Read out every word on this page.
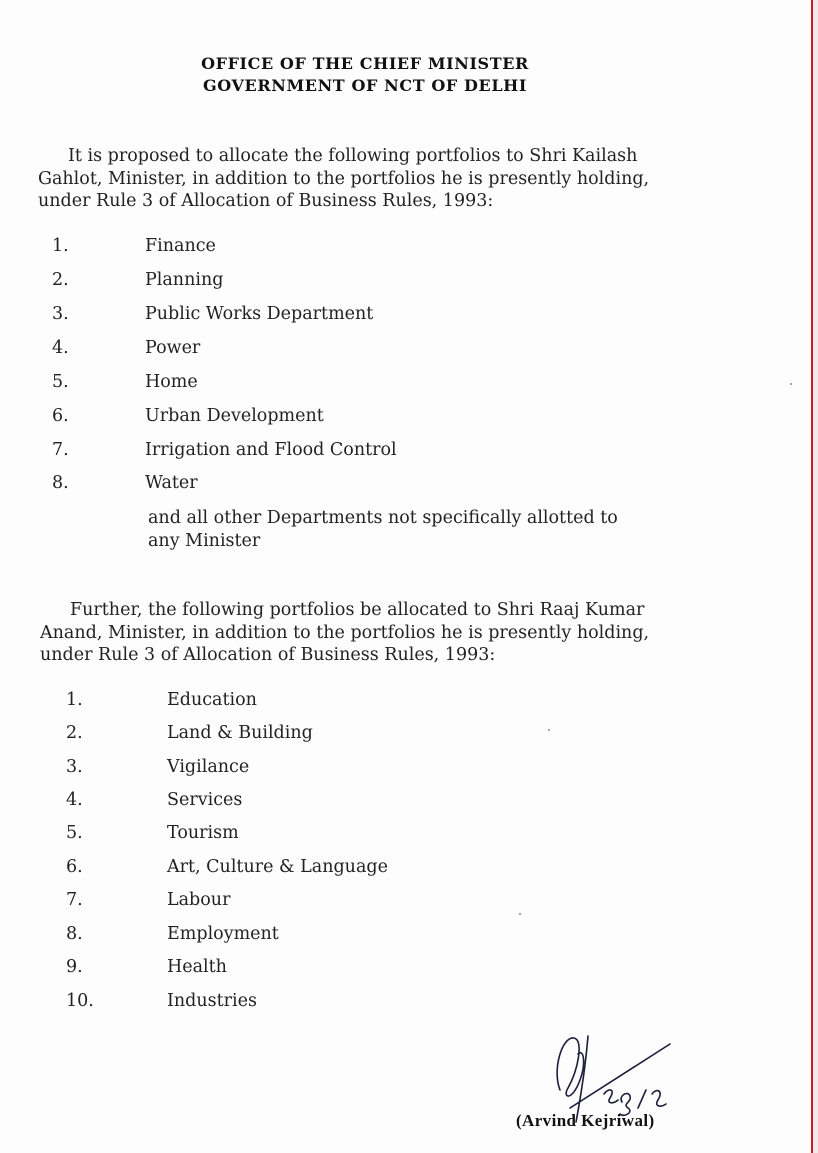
OFFICE OF THE CHIEF MINISTER
GOVERNMENT OF NCT OF DELHI

It is proposed to allocate the following portfolios to Shri Kailash
Gahlot, Minister, in addition to the portfolios he is presently holding,
under Rule 3 of Allocation of Business Rules, 1993:

1.	Finance
2.	Planning
3.	Public Works Department
4.	Power
5.	Home
6.	Urban Development
7.	Irrigation and Flood Control
8.	Water
and all other Departments not specifically allotted to
any Minister

Further, the following portfolios be allocated to Shri Raaj Kumar
Anand, Minister, in addition to the portfolios he is presently holding,
under Rule 3 of Allocation of Business Rules, 1993:

1.	Education
2.	Land & Building
3.	Vigilance
4.	Services
5.	Tourism
6.	Art, Culture & Language
7.	Labour
8.	Employment
9.	Health
10.	Industries
(Arvind Kejriwal)
